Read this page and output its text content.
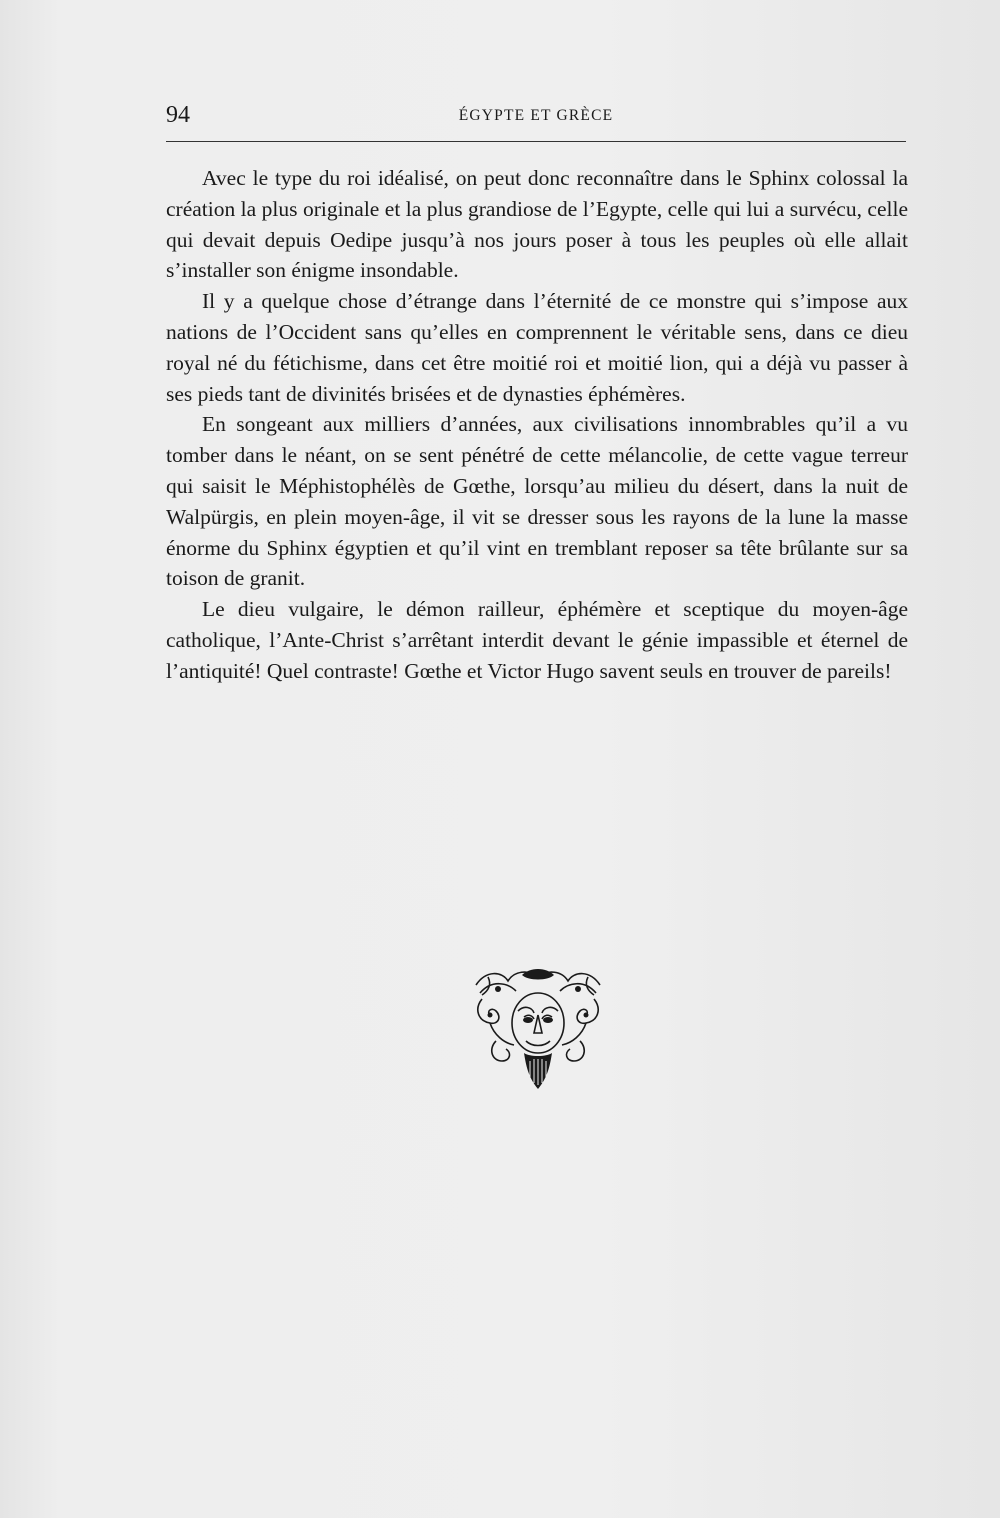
94	ÉGYPTE ET GRÈCE

Avec le type du roi idéalisé, on peut donc reconnaître dans le Sphinx colossal la création la plus originale et la plus grandiose de l’Egypte, celle qui lui a survécu, celle qui devait depuis Oedipe jusqu’à nos jours poser à tous les peuples où elle allait s’installer son énigme insondable.

Il y a quelque chose d’étrange dans l’éternité de ce monstre qui s’impose aux nations de l’Occident sans qu’elles en comprennent le véritable sens, dans ce dieu royal né du fétichisme, dans cet être moitié roi et moitié lion, qui a déjà vu passer à ses pieds tant de divinités brisées et de dynasties éphémères.

En songeant aux milliers d’années, aux civilisations innombrables qu’il a vu tomber dans le néant, on se sent pénétré de cette mélancolie, de cette vague terreur qui saisit le Méphistophélès de Gœthe, lorsqu’au milieu du désert, dans la nuit de Walpürgis, en plein moyen-âge, il vit se dresser sous les rayons de la lune la masse énorme du Sphinx égyptien et qu’il vint en tremblant reposer sa tête brûlante sur sa toison de granit.

Le dieu vulgaire, le démon railleur, éphémère et sceptique du moyen-âge catholique, l’Ante-Christ s’arrêtant interdit devant le génie impassible et éternel de l’antiquité! Quel contraste! Gœthe et Victor Hugo savent seuls en trouver de pareils!
